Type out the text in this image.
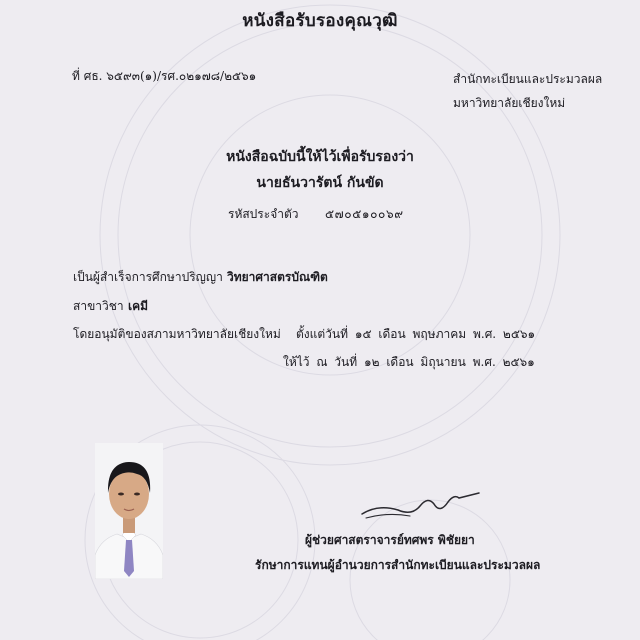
หนังสือรับรองคุณวุฒิ
ที่ ศธ. ๖๕๙๓(๑)/รศ.๐๒๑๗๘/๒๕๖๑	สำนักทะเบียนและประมวลผล
มหาวิทยาลัยเชียงใหม่
หนังสือฉบับนี้ให้ไว้เพื่อรับรองว่า
นายธันวารัตน์ กันขัด
รหัสประจำตัว ๕๗๐๕๑๐๐๖๙
เป็นผู้สำเร็จการศึกษาปริญญา วิทยาศาสตรบัณฑิต
สาขาวิชา เคมี
โดยอนุมัติของสภามหาวิทยาลัยเชียงใหม่ ตั้งแต่วันที่ ๑๕ เดือน พฤษภาคม พ.ศ. ๒๕๖๑
ให้ไว้ ณ วันที่ ๑๒ เดือน มิถุนายน พ.ศ. ๒๕๖๑
ผู้ช่วยศาสตราจารย์ทศพร พิชัยยา
รักษาการแทนผู้อำนวยการสำนักทะเบียนและประมวลผล
